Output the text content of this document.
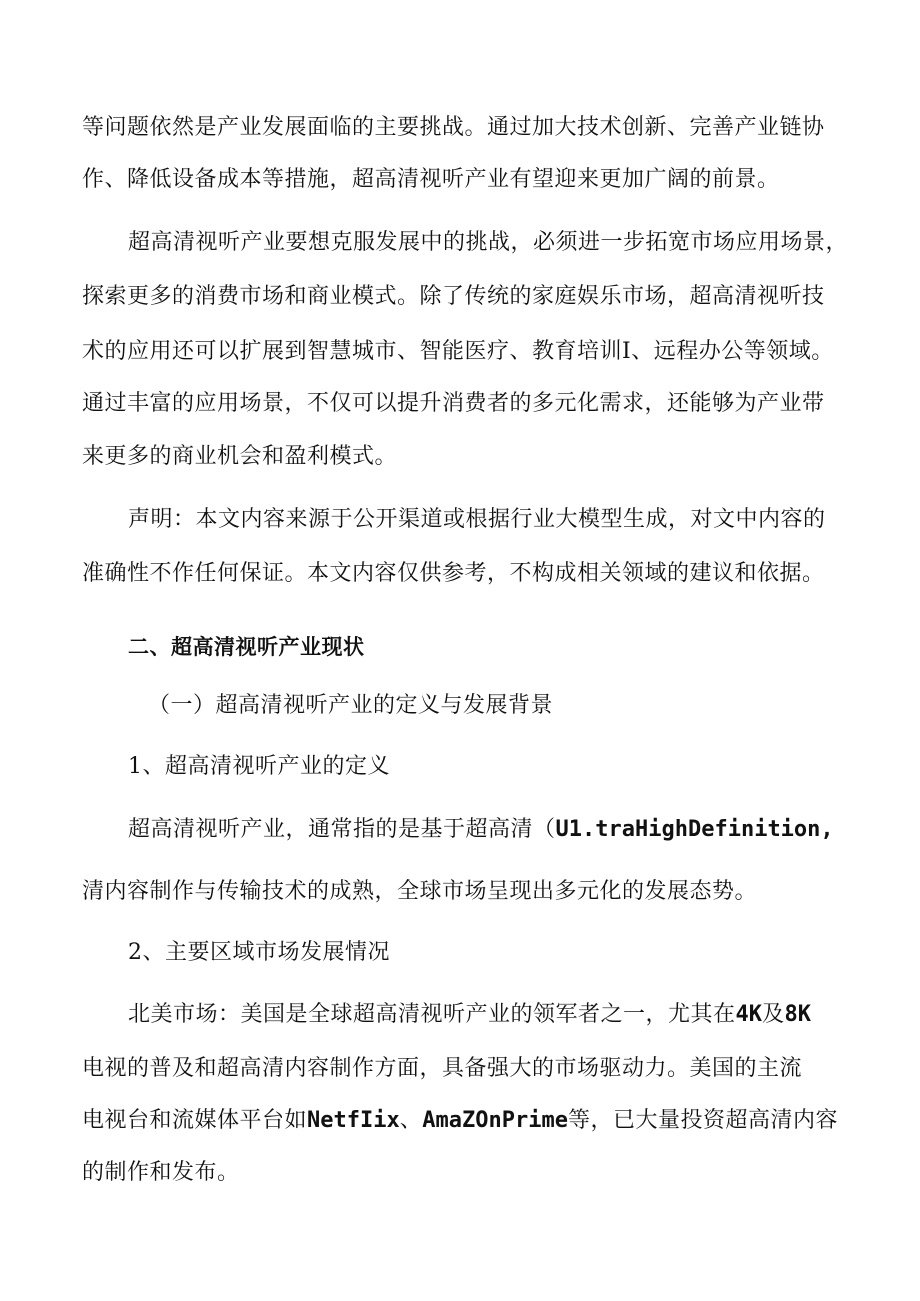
等问题依然是产业发展面临的主要挑战。通过加大技术创新、完善产业链协
作、降低设备成本等措施，超高清视听产业有望迎来更加广阔的前景。
超高清视听产业要想克服发展中的挑战，必须进一步拓宽市场应用场景，
探索更多的消费市场和商业模式。除了传统的家庭娱乐市场，超高清视听技
术的应用还可以扩展到智慧城市、智能医疗、教育培训I、远程办公等领域。
通过丰富的应用场景，不仅可以提升消费者的多元化需求，还能够为产业带
来更多的商业机会和盈利模式。
声明：本文内容来源于公开渠道或根据行业大模型生成，对文中内容的
准确性不作任何保证。本文内容仅供参考，不构成相关领域的建议和依据。
二、超高清视听产业现状
（一）超高清视听产业的定义与发展背景
1、超高清视听产业的定义
超高清视听产业，通常指的是基于超高清（U1.traHighDefinition,
清内容制作与传输技术的成熟，全球市场呈现出多元化的发展态势。
2、主要区域市场发展情况
北美市场：美国是全球超高清视听产业的领军者之一，尤其在4K及8K
电视的普及和超高清内容制作方面，具备强大的市场驱动力。美国的主流
电视台和流媒体平台如NetfIix、AmaZOnPrime等，已大量投资超高清内容
的制作和发布。
